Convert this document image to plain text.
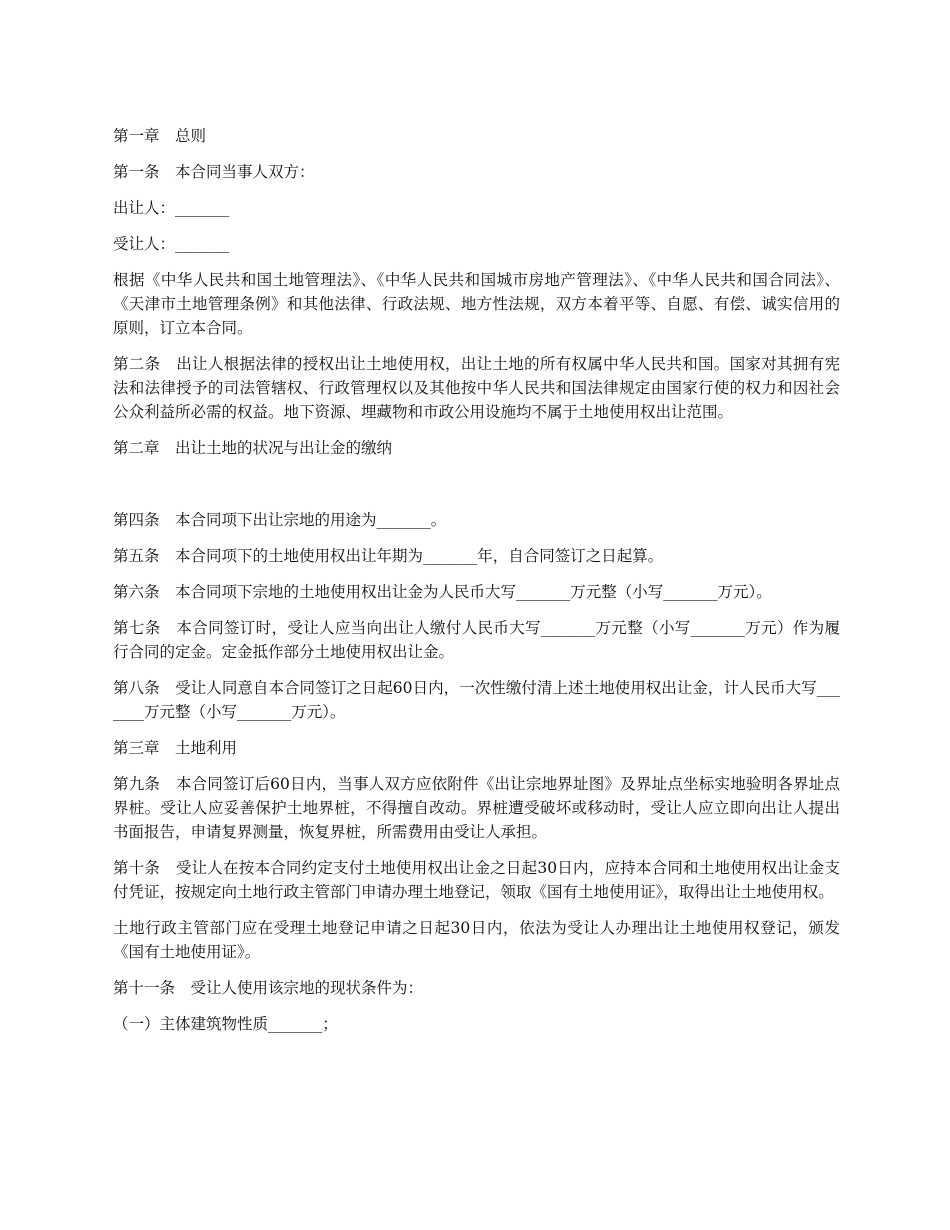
第一章　总则

第一条　本合同当事人双方：

出让人：_______

受让人：_______

根据《中华人民共和国土地管理法》、《中华人民共和国城市房地产管理法》、《中华人民共和国合同法》、《天津市土地管理条例》和其他法律、行政法规、地方性法规，双方本着平等、自愿、有偿、诚实信用的原则，订立本合同。

第二条　出让人根据法律的授权出让土地使用权，出让土地的所有权属中华人民共和国。国家对其拥有宪法和法律授予的司法管辖权、行政管理权以及其他按中华人民共和国法律规定由国家行使的权力和因社会公众利益所必需的权益。地下资源、埋藏物和市政公用设施均不属于土地使用权出让范围。

第二章　出让土地的状况与出让金的缴纳

第四条　本合同项下出让宗地的用途为_______。

第五条　本合同项下的土地使用权出让年期为_______年，自合同签订之日起算。

第六条　本合同项下宗地的土地使用权出让金为人民币大写_______万元整（小写_______万元）。

第七条　本合同签订时，受让人应当向出让人缴付人民币大写_______万元整（小写_______万元）作为履行合同的定金。定金抵作部分土地使用权出让金。

第八条　受让人同意自本合同签订之日起60日内，一次性缴付清上述土地使用权出让金，计人民币大写_______万元整（小写_______万元）。

第三章　土地利用

第九条　本合同签订后60日内，当事人双方应依附件《出让宗地界址图》及界址点坐标实地验明各界址点界桩。受让人应妥善保护土地界桩，不得擅自改动。界桩遭受破坏或移动时，受让人应立即向出让人提出书面报告，申请复界测量，恢复界桩，所需费用由受让人承担。

第十条　受让人在按本合同约定支付土地使用权出让金之日起30日内，应持本合同和土地使用权出让金支付凭证，按规定向土地行政主管部门申请办理土地登记，领取《国有土地使用证》，取得出让土地使用权。

土地行政主管部门应在受理土地登记申请之日起30日内，依法为受让人办理出让土地使用权登记，颁发《国有土地使用证》。

第十一条　受让人使用该宗地的现状条件为：

（一）主体建筑物性质_______；
